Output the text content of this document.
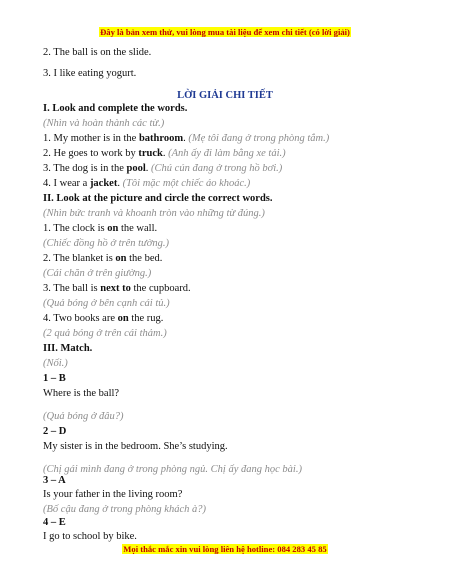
Đây là bản xem thử, vui lòng mua tài liệu để xem chi tiết (có lời giải)
2. The ball is on the slide.
3. I like eating yogurt.
LỜI GIẢI CHI TIẾT
I. Look and complete the words.
(Nhìn và hoàn thành các từ.)
1. My mother is in the bathroom. (Mẹ tôi đang ở trong phòng tắm.)
2. He goes to work by truck. (Anh ấy đi làm bằng xe tải.)
3. The dog is in the pool. (Chú cún đang ở trong hồ bơi.)
4. I wear a jacket. (Tôi mặc một chiếc áo khoác.)
II. Look at the picture and circle the correct words.
(Nhìn bức tranh và khoanh tròn vào những từ đúng.)
1. The clock is on the wall.
(Chiếc đồng hồ ở trên tường.)
2. The blanket is on the bed.
(Cái chăn ở trên giường.)
3. The ball is next to the cupboard.
(Quả bóng ở bên cạnh cái tủ.)
4. Two books are on the rug.
(2 quả bóng ở trên cái thảm.)
III. Match.
(Nối.)
1 – B
Where is the ball?
(Quả bóng ở đâu?)
2 – D
My sister is in the bedroom. She’s studying.
(Chị gái mình đang ở trong phòng ngủ. Chị ấy đang học bài.)
3 – A
Is your father in the living room?
(Bố cậu đang ở trong phòng khách à?)
4 – E
Mọi thắc mắc xin vui lòng liên hệ hotline: 084 283 45 85
I go to school by bike.
